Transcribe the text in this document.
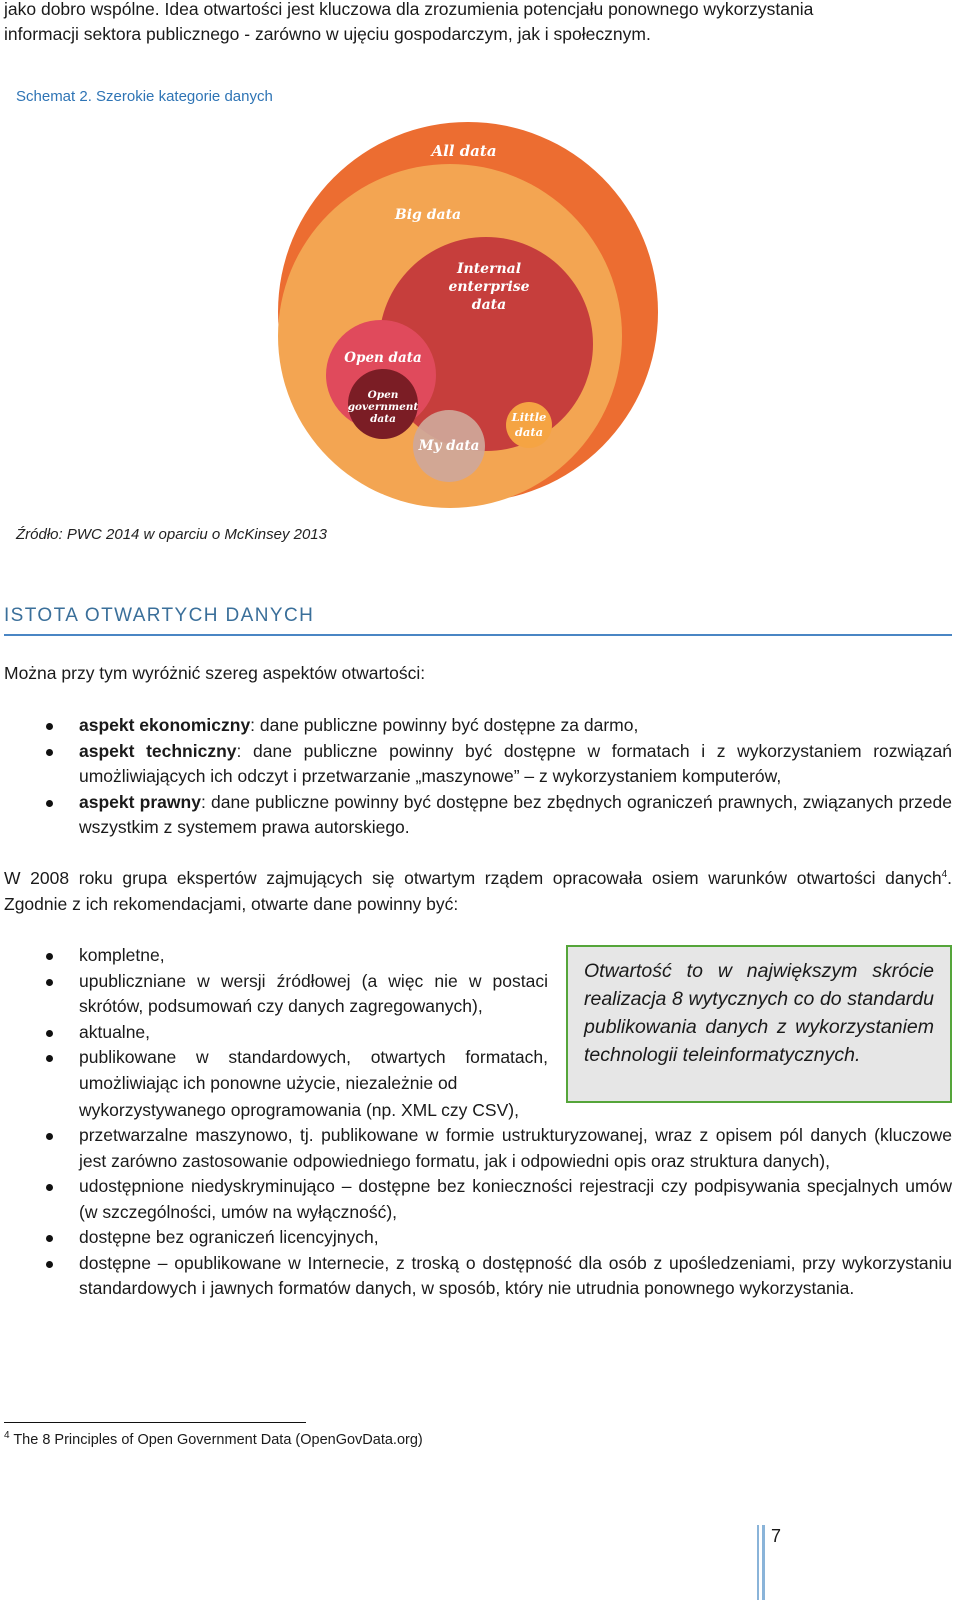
jako dobro wspólne. Idea otwartości jest kluczowa dla zrozumienia potencjału ponownego wykorzystania

informacji sektora publicznego - zarówno w ujęciu gospodarczym, jak i społecznym.

Schemat 2. Szerokie kategorie danych
All data
Big data
Internal
enterprise
data
Open data
Open
government
data
My data
Little
data
Źródło: PWC 2014 w oparciu o McKinsey 2013
ISTOTA OTWARTYCH DANYCH

Można przy tym wyróżnić szereg aspektów otwartości:

aspekt ekonomiczny: dane publiczne powinny być dostępne za darmo,
aspekt techniczny: dane publiczne powinny być dostępne w formatach i z wykorzystaniem rozwiązań umożliwiających ich odczyt i przetwarzanie „maszynowe” – z wykorzystaniem komputerów,
aspekt prawny: dane publiczne powinny być dostępne bez zbędnych ograniczeń prawnych, związanych przede wszystkim z systemem prawa autorskiego.

W 2008 roku grupa ekspertów zajmujących się otwartym rządem opracowała osiem warunków otwartości danych$^4$. Zgodnie z ich rekomendacjami, otwarte dane powinny być:

kompletne,
upubliczniane w wersji źródłowej (a więc nie w postaci skrótów, podsumowań czy danych zagregowanych),
aktualne,
publikowane w standardowych, otwartych formatach, umożliwiając ich ponowne użycie, niezależnie od

wykorzystywanego oprogramowania (np. XML czy CSV),

przetwarzalne maszynowo, tj. publikowane w formie ustrukturyzowanej, wraz z opisem pól danych (kluczowe jest zarówno zastosowanie odpowiedniego formatu, jak i odpowiedni opis oraz struktura danych),
udostępnione niedyskryminująco – dostępne bez konieczności rejestracji czy podpisywania specjalnych umów (w szczególności, umów na wyłączność),
dostępne bez ograniczeń licencyjnych,
dostępne – opublikowane w Internecie, z troską o dostępność dla osób z upośledzeniami, przy wykorzystaniu standardowych i jawnych formatów danych, w sposób, który nie utrudnia ponownego wykorzystania.
Otwartość to w największym skrócie realizacja 8 wytycznych co do standardu publikowania danych z wykorzystaniem technologii teleinformatycznych.
$^4$ The 8 Principles of Open Government Data (OpenGovData.org)
7
